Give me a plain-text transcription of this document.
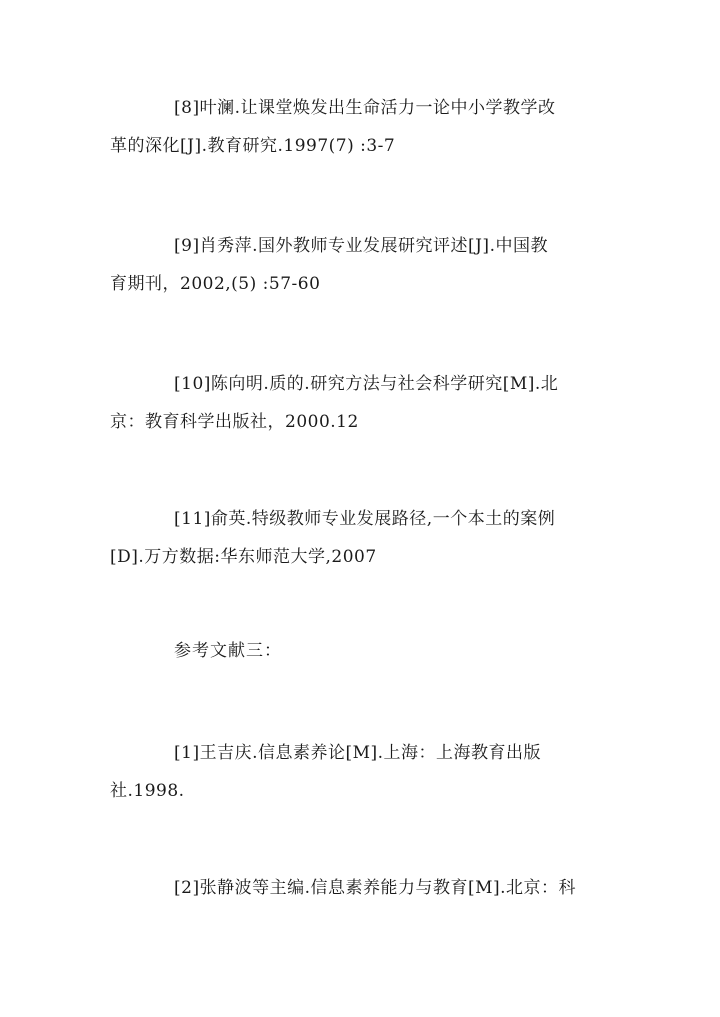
[8]叶澜.让课堂焕发出生命活力一论中小学教学改
革的深化[J].教育研究.1997(7) :3-7

[9]肖秀萍.国外教师专业发展研究评述[J].中国教
育期刊，2002,(5) :57-60

[10]陈向明.质的.研究方法与社会科学研究[M].北
京：教育科学出版社，2000.12

[11]俞英.特级教师专业发展路径,一个本土的案例
[D].万方数据:华东师范大学,2007

参考文献三：

[1]王吉庆.信息素养论[M].上海：上海教育出版
社.1998.

[2]张静波等主编.信息素养能力与教育[M].北京：科
